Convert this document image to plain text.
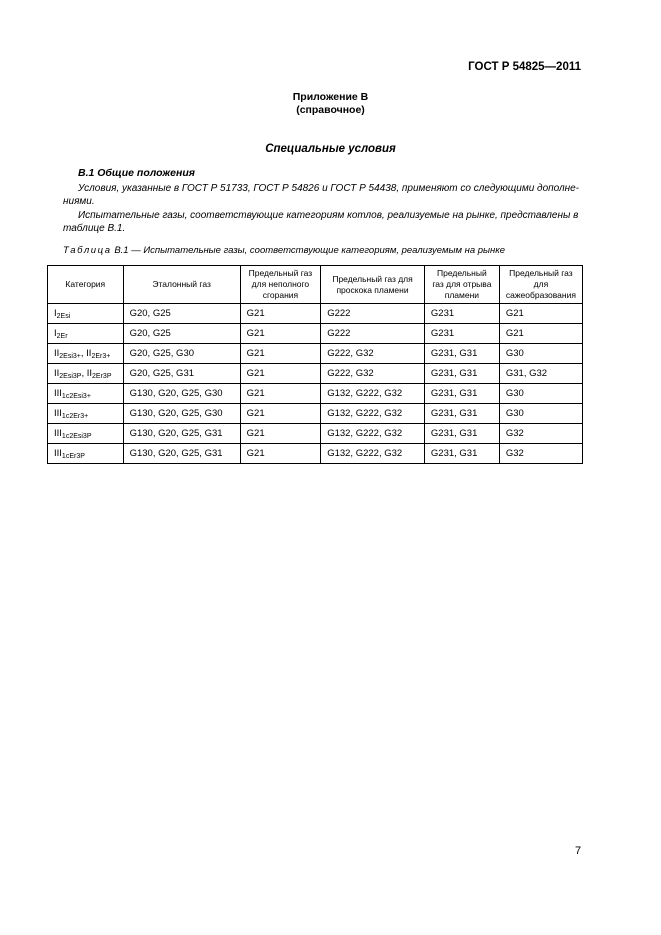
ГОСТ Р 54825—2011
Приложение В
(справочное)
Специальные условия
В.1 Общие положения
Условия, указанные в ГОСТ Р 51733, ГОСТ Р 54826 и ГОСТ Р 54438, применяют со следующими дополне-
ниями.
Испытательные газы, соответствующие категориям котлов, реализуемые на рынке, представлены в
таблице В.1.
Таблица В.1 — Испытательные газы, соответствующие категориям, реализуемым на рынке
Категория	Эталонный газ	Предельный газ для неполного сгорания	Предельный газ для проскока пламени	Предельный газ для отрыва пламени	Предельный газ для сажеобразования
$I_{2Esi}$	G20, G25	G21	G222	G231	G21
$I_{2Er}$	G20, G25	G21	G222	G231	G21
$II_{2Esi3+}$, $II_{2Er3+}$	G20, G25, G30	G21	G222, G32	G231, G31	G30
$II_{2Esi3P}$, $II_{2Er3P}$	G20, G25, G31	G21	G222, G32	G231, G31	G31, G32
$III_{1c2Esi3+}$	G130, G20, G25, G30	G21	G132, G222, G32	G231, G31	G30
$III_{1c2Er3+}$	G130, G20, G25, G30	G21	G132, G222, G32	G231, G31	G30
$III_{1c2Esi3P}$	G130, G20, G25, G31	G21	G132, G222, G32	G231, G31	G32
$III_{1cEr3P}$	G130, G20, G25, G31	G21	G132, G222, G32	G231, G31	G32
7
